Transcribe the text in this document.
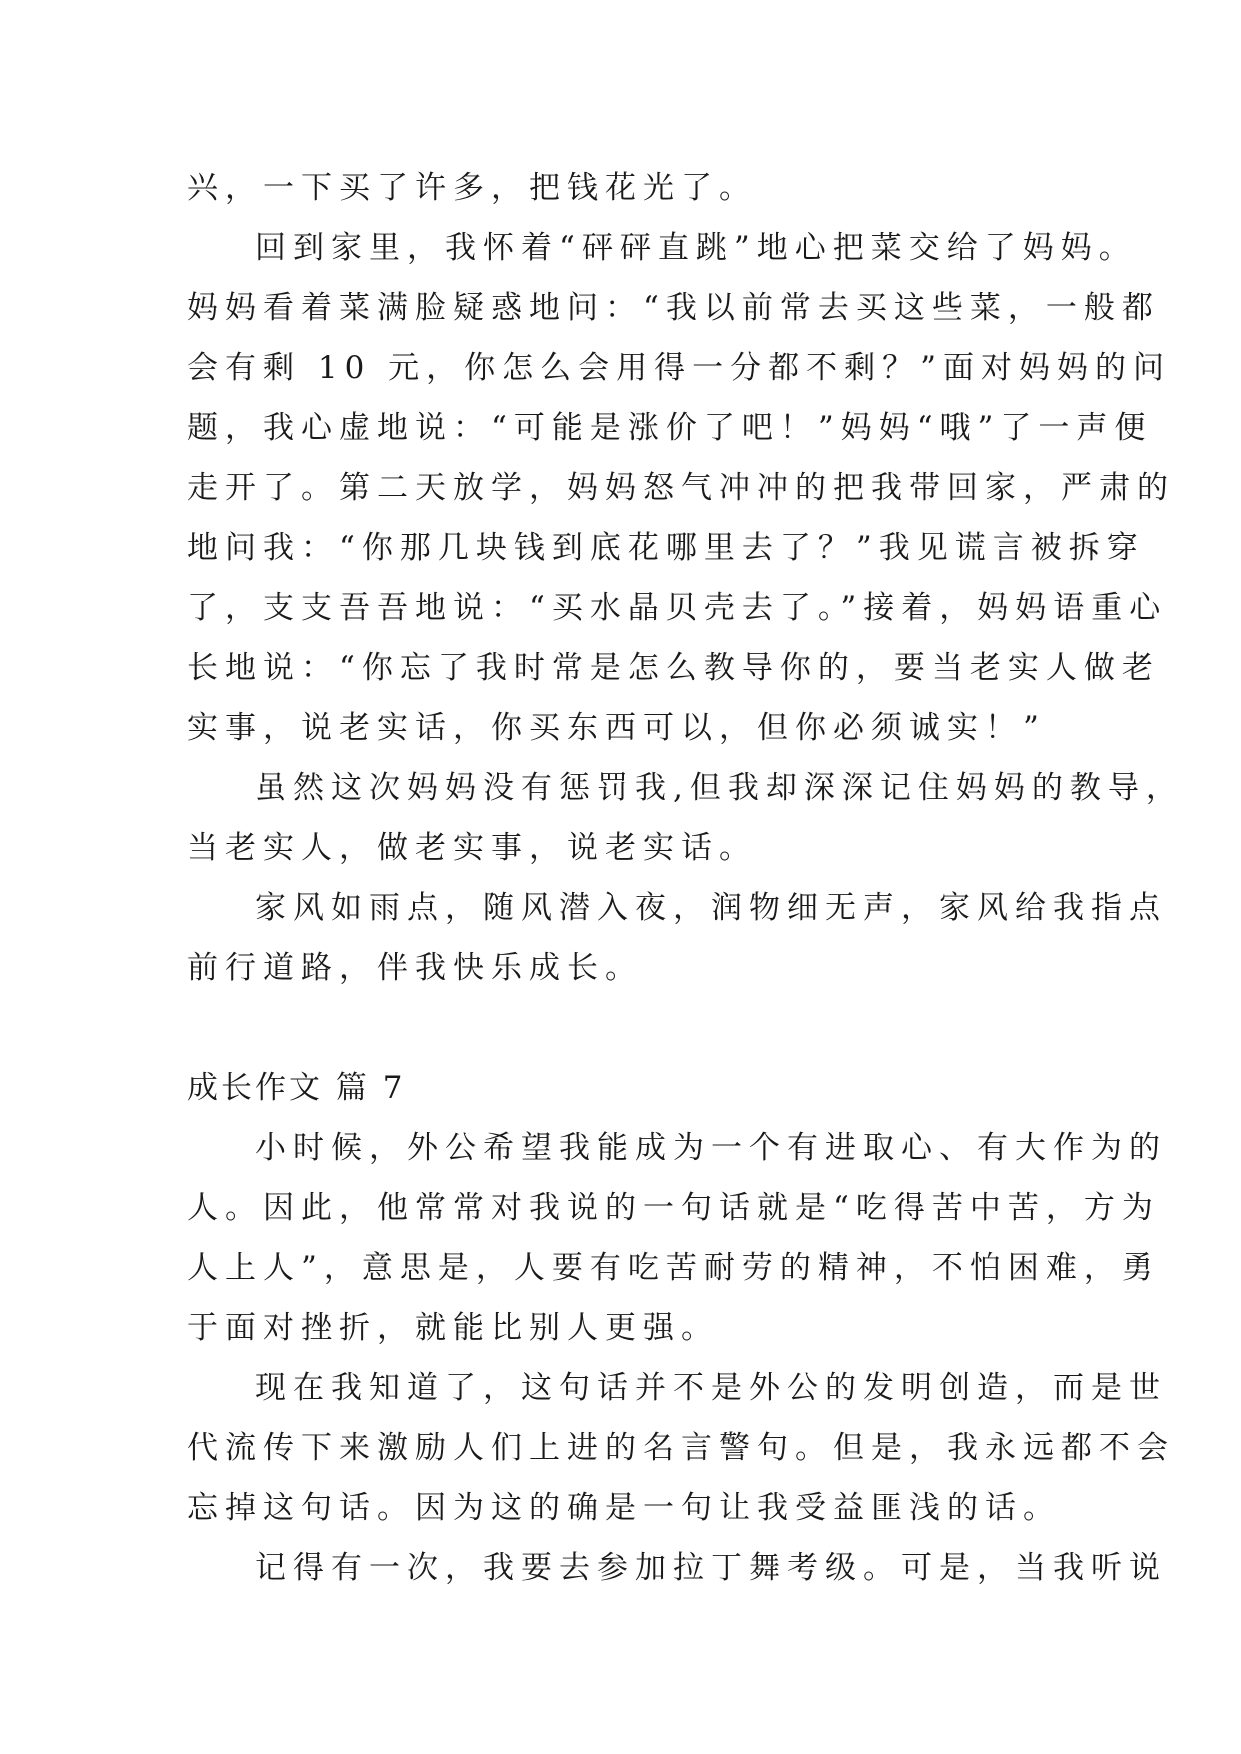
兴，一下买了许多，把钱花光了。

回到家里，我怀着“砰砰直跳”地心把菜交给了妈妈。

妈妈看着菜满脸疑惑地问：“我以前常去买这些菜，一般都

会有剩 10 元，你怎么会用得一分都不剩？”面对妈妈的问

题，我心虚地说：“可能是涨价了吧！”妈妈“哦”了一声便

走开了。第二天放学，妈妈怒气冲冲的把我带回家，严肃的

地问我：“你那几块钱到底花哪里去了？”我见谎言被拆穿

了，支支吾吾地说：“买水晶贝壳去了。”接着，妈妈语重心

长地说：“你忘了我时常是怎么教导你的，要当老实人做老

实事，说老实话，你买东西可以，但你必须诚实！”

虽然这次妈妈没有惩罚我,但我却深深记住妈妈的教导，

当老实人，做老实事，说老实话。

家风如雨点，随风潜入夜，润物细无声，家风给我指点

前行道路，伴我快乐成长。

成长作文 篇 7

小时候，外公希望我能成为一个有进取心、有大作为的

人。因此，他常常对我说的一句话就是“吃得苦中苦，方为

人上人”，意思是，人要有吃苦耐劳的精神，不怕困难，勇

于面对挫折，就能比别人更强。

现在我知道了，这句话并不是外公的发明创造，而是世

代流传下来激励人们上进的名言警句。但是，我永远都不会

忘掉这句话。因为这的确是一句让我受益匪浅的话。

记得有一次，我要去参加拉丁舞考级。可是，当我听说
